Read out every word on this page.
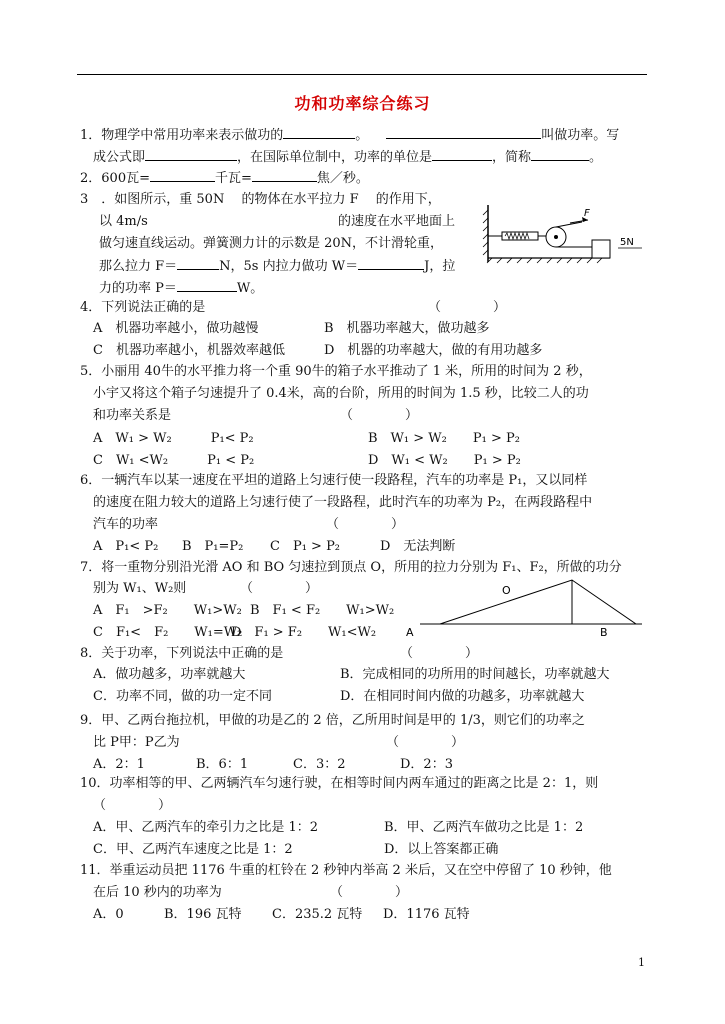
功和功率综合练习
1．物理学中常用功率来表示做功的	。	叫做功率。写
成公式即	，在国际单位制中，功率的单位是	，简称	。
2．600瓦=	千瓦=	焦／秒。
3　．如图所示，重 50N　 的物体在水平拉力 F　 的作用下，
以 4m/s	的速度在水平地面上
做匀速直线运动。弹簧测力计的示数是 20N，不计滑轮重，
那么拉力 F＝	N，5s 内拉力做功 W＝	J，拉
力的功率 P＝	W。
F
5N
4．下列说法正确的是	（　　　　）
A　机器功率越小，做功越慢	B　机器功率越大，做功越多
C　机器功率越小，机器效率越低	D　机器的功率越大，做的有用功越多
5．小丽用 40牛的水平推力将一个重 90牛的箱子水平推动了 1 米，所用的时间为 2 秒，
小宇又将这个箱子匀速提升了 0.4米，高的台阶，所用的时间为 1.5 秒，比较二人的功
和功率关系是	（　　　　）
A　W₁ > W₂　　　P₁< P₂	B　W₁ > W₂　　P₁ > P₂
C　W₁ <W₂　　　P₁ < P₂	D　W₁ < W₂　　P₁ > P₂
6．一辆汽车以某一速度在平坦的道路上匀速行使一段路程，汽车的功率是 P₁，又以同样
的速度在阻力较大的道路上匀速行使了一段路程，此时汽车的功率为 P₂，在两段路程中
汽车的功率	（　　　　）
A　P₁< P₂ B　P₁=P₂ C　P₁ > P₂	D　无法判断
7．将一重物分别沿光滑 AO 和 BO 匀速拉到顶点 O，所用的拉力分别为 F₁、F₂，所做的功分
别为 W₁、W₂则	（　　　　）
A　F₁　>F₂　　W₁>W₂ B　F₁ < F₂　　W₁>W₂
C　F₁<　F₂　　W₁=W₂
D　F₁ > F₂　　W₁<W₂
O
A	B
8．关于功率，下列说法中正确的是	（　　　　）
A．做功越多，功率就越大	B．完成相同的功所用的时间越长，功率就越大
C．功率不同，做的功一定不同	D．在相同时间内做的功越多，功率就越大
9．甲、乙两台拖拉机，甲做的功是乙的 2 倍，乙所用时间是甲的 1/3，则它们的功率之
比 P甲：P乙为	（　　　　）
A．2：1	B．6：1	C．3：2	D．2：3
10．功率相等的甲、乙两辆汽车匀速行驶，在相等时间内两车通过的距离之比是 2：1，则
（　　　　）
A．甲、乙两汽车的牵引力之比是 1：2	B．甲、乙两汽车做功之比是 1：2
C．甲、乙两汽车速度之比是 1：2	D．以上答案都正确
11．举重运动员把 1176 牛重的杠铃在 2 秒钟内举高 2 米后，又在空中停留了 10 秒钟，他
在后 10 秒内的功率为	（　　　　）
A．0	B．196 瓦特 C．235.2 瓦特 D．1176 瓦特
1
